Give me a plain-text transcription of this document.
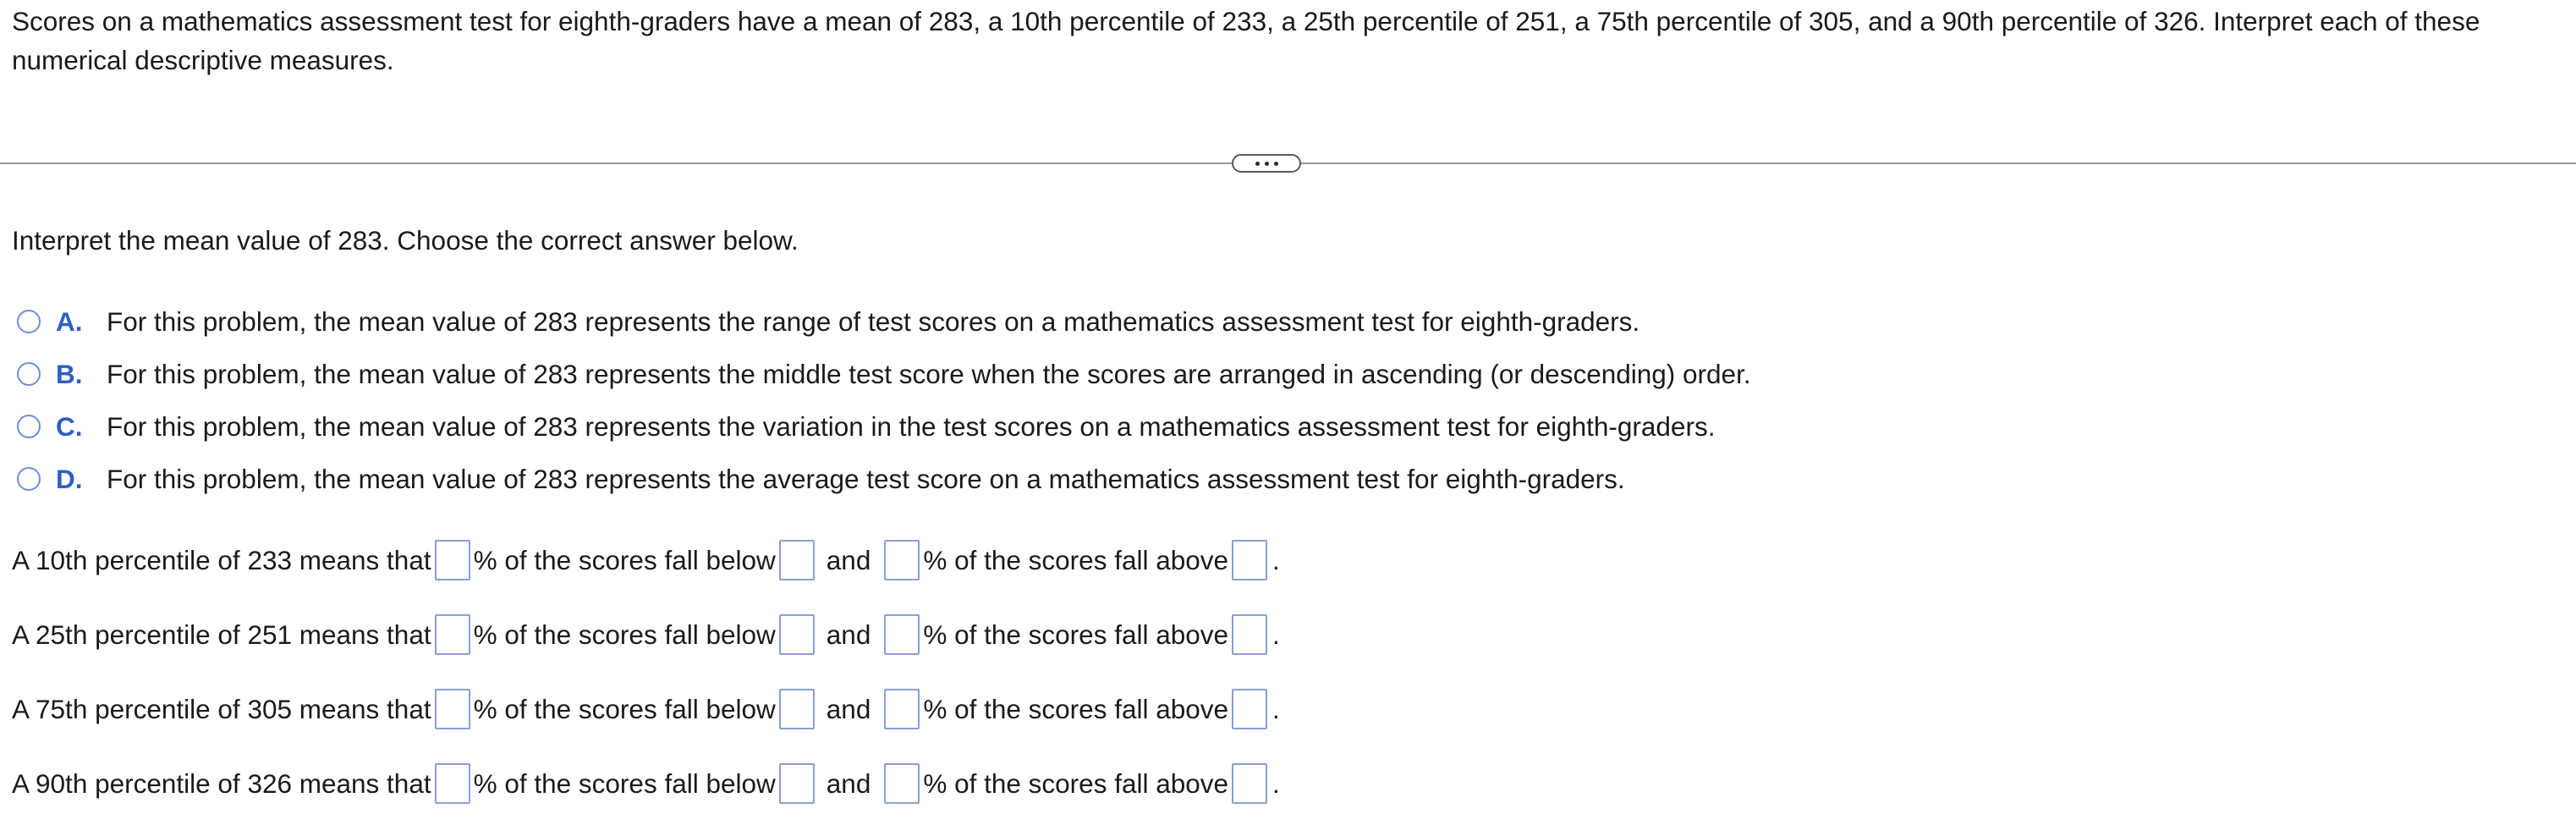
Scores on a mathematics assessment test for eighth-graders have a mean of 283, a 10th percentile of 233, a 25th percentile of 251, a 75th percentile of 305, and a 90th percentile of 326. Interpret each of these numerical descriptive measures.
Interpret the mean value of 283. Choose the correct answer below.
A. For this problem, the mean value of 283 represents the range of test scores on a mathematics assessment test for eighth-graders.
B. For this problem, the mean value of 283 represents the middle test score when the scores are arranged in ascending (or descending) order.
C. For this problem, the mean value of 283 represents the variation in the test scores on a mathematics assessment test for eighth-graders.
D. For this problem, the mean value of 283 represents the average test score on a mathematics assessment test for eighth-graders.
A 10th percentile of 233 means that % of the scores fall below and % of the scores fall above .
A 25th percentile of 251 means that % of the scores fall below and % of the scores fall above .
A 75th percentile of 305 means that % of the scores fall below and % of the scores fall above .
A 90th percentile of 326 means that % of the scores fall below and % of the scores fall above .
